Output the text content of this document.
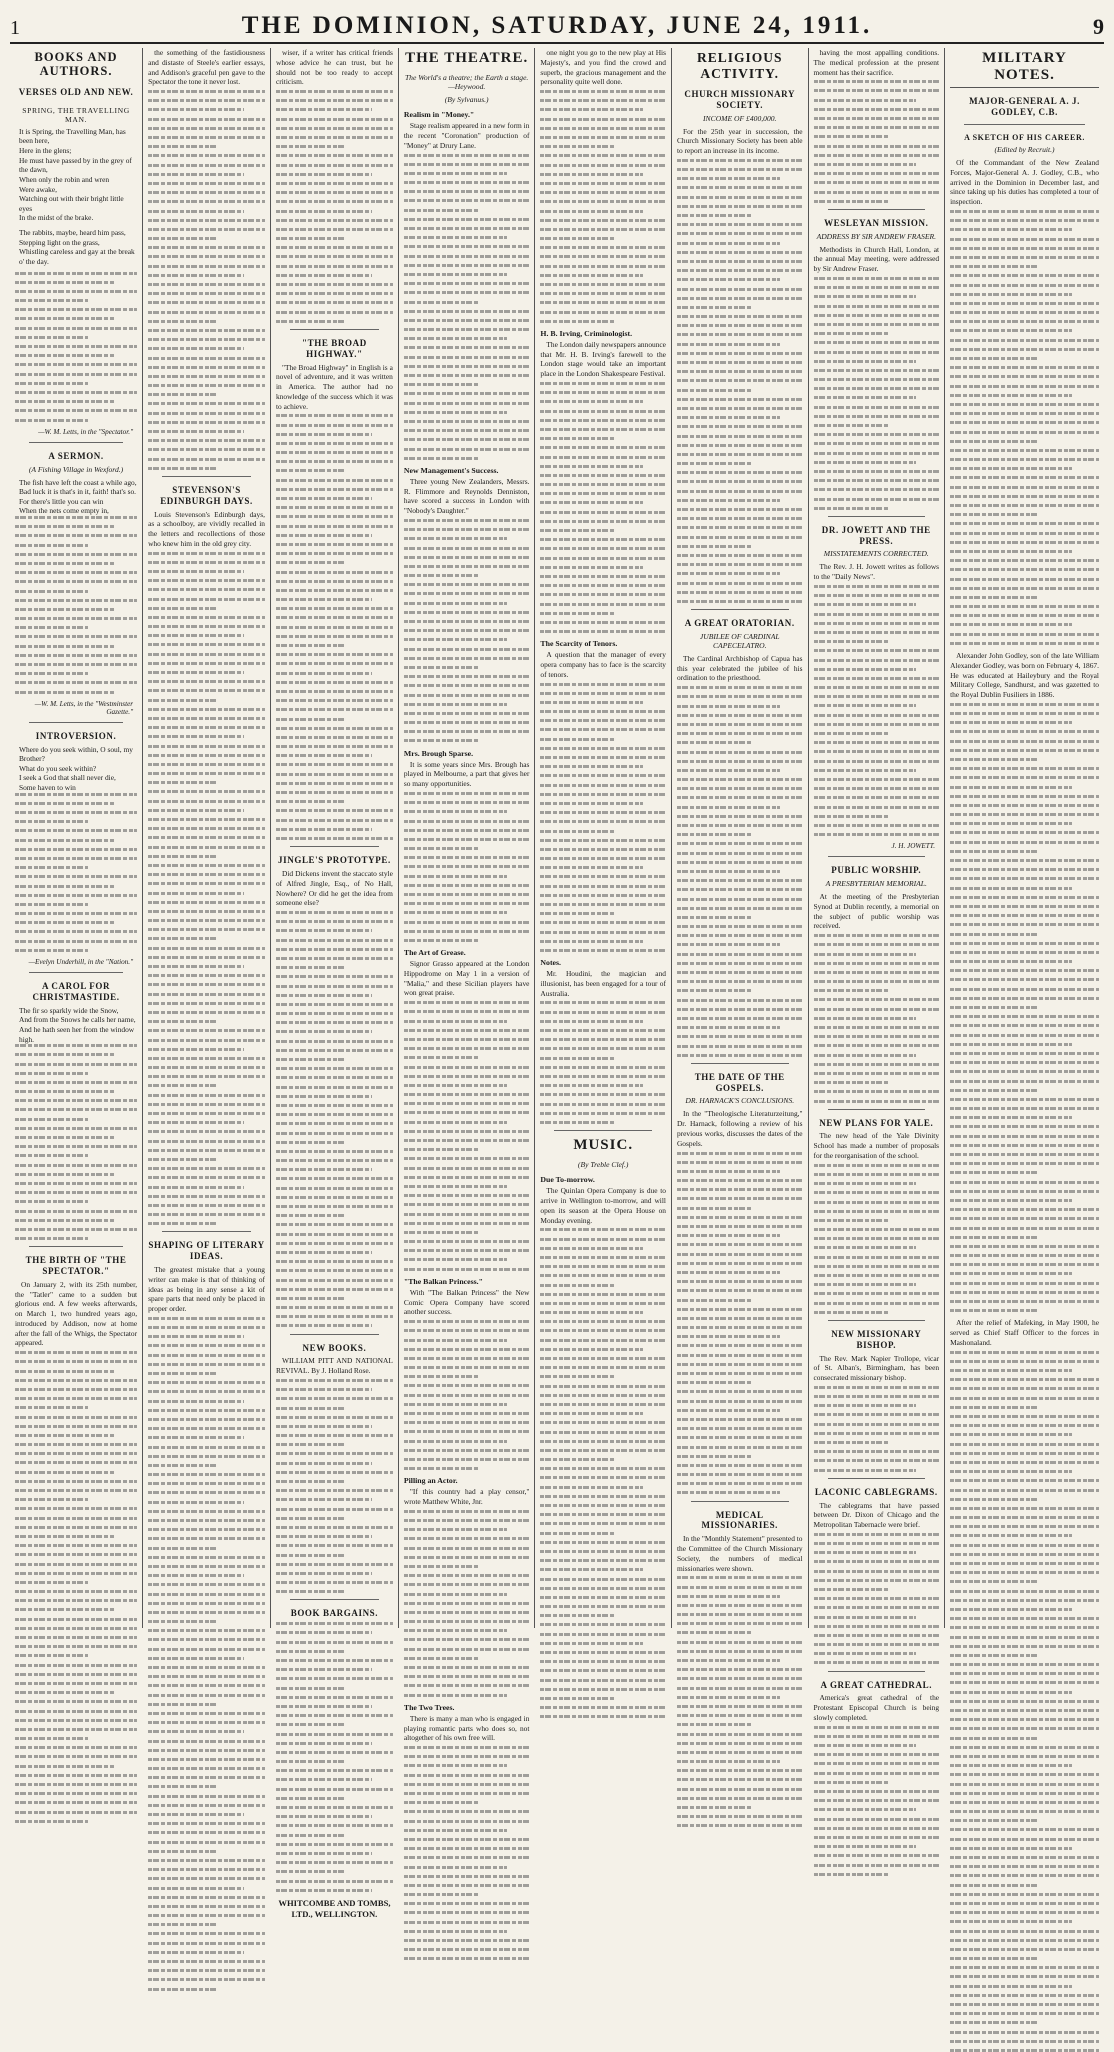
1	THE DOMINION, SATURDAY, JUNE 24, 1911.	9
BOOKS AND AUTHORS.
VERSES OLD AND NEW.
SPRING, THE TRAVELLING MAN.

It is Spring, the Travelling Man, has been here,

Here in the glens;

He must have passed by in the grey of the dawn,

When only the robin and wren

Were awake,

Watching out with their bright little eyes

In the midst of the brake.

The rabbits, maybe, heard him pass,

Stepping light on the grass,

Whistling careless and gay at the break o' the day.

—W. M. Letts, in the "Spectator."
A SERMON.
(A Fishing Village in Wexford.)

The fish have left the coast a while ago,

Bad luck it is that's in it, faith! that's so.

For there's little you can win

When the nets come empty in,

—W. M. Letts, in the "Westminster Gazette."
INTROVERSION.

Where do you seek within, O soul, my Brother?

What do you seek within?

I seek a God that shall never die,

Some haven to win

—Evelyn Underhill, in the "Nation."
A CAROL FOR CHRISTMASTIDE.

The fir so sparkly wide the Snow,

And from the Snows he calls her name,

And he hath seen her from the window high.

THE BIRTH OF "THE SPECTATOR."

On January 2, with its 25th number, the "Tatler" came to a sudden but glorious end. A few weeks afterwards, on March 1, two hundred years ago, introduced by Addison, now at home after the fall of the Whigs, the Spectator appeared.

the something of the fastidiousness and distaste of Steele's earlier essays, and Addison's graceful pen gave to the Spectator the tone it never lost.

STEVENSON'S EDINBURGH DAYS.

Louis Stevenson's Edinburgh days, as a schoolboy, are vividly recalled in the letters and recollections of those who knew him in the old grey city.

SHAPING OF LITERARY IDEAS.

The greatest mistake that a young writer can make is that of thinking of ideas as being in any sense a kit of spare parts that need only be placed in proper order.

wiser, if a writer has critical friends whose advice he can trust, but he should not be too ready to accept criticism.

"THE BROAD HIGHWAY."

"The Broad Highway" in English is a novel of adventure, and it was written in America. The author had no knowledge of the success which it was to achieve.

JINGLE'S PROTOTYPE.

Did Dickens invent the staccato style of Alfred Jingle, Esq., of No Hall, Nowhere? Or did he get the idea from someone else?

NEW BOOKS.

WILLIAM PITT AND NATIONAL REVIVAL. By J. Holland Rose.

BOOK BARGAINS.
WHITCOMBE AND TOMBS, LTD., WELLINGTON.
THE THEATRE.
The World's a theatre; the Earth a stage.—Heywood.
(By Sylvanus.)
Realism in "Money."

Stage realism appeared in a new form in the recent "Coronation" production of "Money" at Drury Lane.

New Management's Success.

Three young New Zealanders, Messrs. R. Flimmore and Reynolds Denniston, have scored a success in London with "Nobody's Daughter."

Mrs. Brough Sparse.

It is some years since Mrs. Brough has played in Melbourne, a part that gives her so many opportunities.

The Art of Grease.

Signor Grasso appeared at the London Hippodrome on May 1 in a version of "Malia," and these Sicilian players have won great praise.

"The Balkan Princess."

With "The Balkan Princess" the New Comic Opera Company have scored another success.

Pilling an Actor.

"If this country had a play censor," wrote Matthew White, Jnr.

The Two Trees.

There is many a man who is engaged in playing romantic parts who does so, not altogether of his own free will.

one night you go to the new play at His Majesty's, and you find the crowd and superb, the gracious management and the personality quite well done.

H. B. Irving, Criminologist.

The London daily newspapers announce that Mr. H. B. Irving's farewell to the London stage would take an important place in the London Shakespeare Festival.

The Scarcity of Tenors.

A question that the manager of every opera company has to face is the scarcity of tenors.

Notes.

Mr. Houdini, the magician and illusionist, has been engaged for a tour of Australia.

MUSIC.
(By Treble Clef.)
Due To-morrow.

The Quinlan Opera Company is due to arrive in Wellington to-morrow, and will open its season at the Opera House on Monday evening.

RELIGIOUS ACTIVITY.
CHURCH MISSIONARY SOCIETY.
INCOME OF £400,000.

For the 25th year in succession, the Church Missionary Society has been able to report an increase in its income.

A GREAT ORATORIAN.
JUBILEE OF CARDINAL CAPECELATRO.

The Cardinal Archbishop of Capua has this year celebrated the jubilee of his ordination to the priesthood.

THE DATE OF THE GOSPELS.
DR. HARNACK'S CONCLUSIONS.

In the "Theologische Literaturzeitung," Dr. Harnack, following a review of his previous works, discusses the dates of the Gospels.

MEDICAL MISSIONARIES.

In the "Monthly Statement" presented to the Committee of the Church Missionary Society, the numbers of medical missionaries were shown.

having the most appalling conditions. The medical profession at the present moment has their sacrifice.

WESLEYAN MISSION.
ADDRESS BY SIR ANDREW FRASER.

Methodists in Church Hall, London, at the annual May meeting, were addressed by Sir Andrew Fraser.

DR. JOWETT AND THE PRESS.
MISSTATEMENTS CORRECTED.

The Rev. J. H. Jowett writes as follows to the "Daily News".

J. H. JOWETT.
PUBLIC WORSHIP.
A PRESBYTERIAN MEMORIAL.

At the meeting of the Presbyterian Synod at Dublin recently, a memorial on the subject of public worship was received.

NEW PLANS FOR YALE.

The new head of the Yale Divinity School has made a number of proposals for the reorganisation of the school.

NEW MISSIONARY BISHOP.

The Rev. Mark Napier Trollope, vicar of St. Alban's, Birmingham, has been consecrated missionary bishop.

LACONIC CABLEGRAMS.

The cablegrams that have passed between Dr. Dixon of Chicago and the Metropolitan Tabernacle were brief.

A GREAT CATHEDRAL.

America's great cathedral of the Protestant Episcopal Church is being slowly completed.

MILITARY NOTES.
MAJOR-GENERAL A. J. GODLEY, C.B.
A SKETCH OF HIS CAREER.
(Edited by Recruit.)

Of the Commandant of the New Zealand Forces, Major-General A. J. Godley, C.B., who arrived in the Dominion in December last, and since taking up his duties has completed a tour of inspection.

Alexander John Godley, son of the late William Alexander Godley, was born on February 4, 1867. He was educated at Haileybury and the Royal Military College, Sandhurst, and was gazetted to the Royal Dublin Fusiliers in 1886.

After the relief of Mafeking, in May 1900, he served as Chief Staff Officer to the forces in Mashonaland.
